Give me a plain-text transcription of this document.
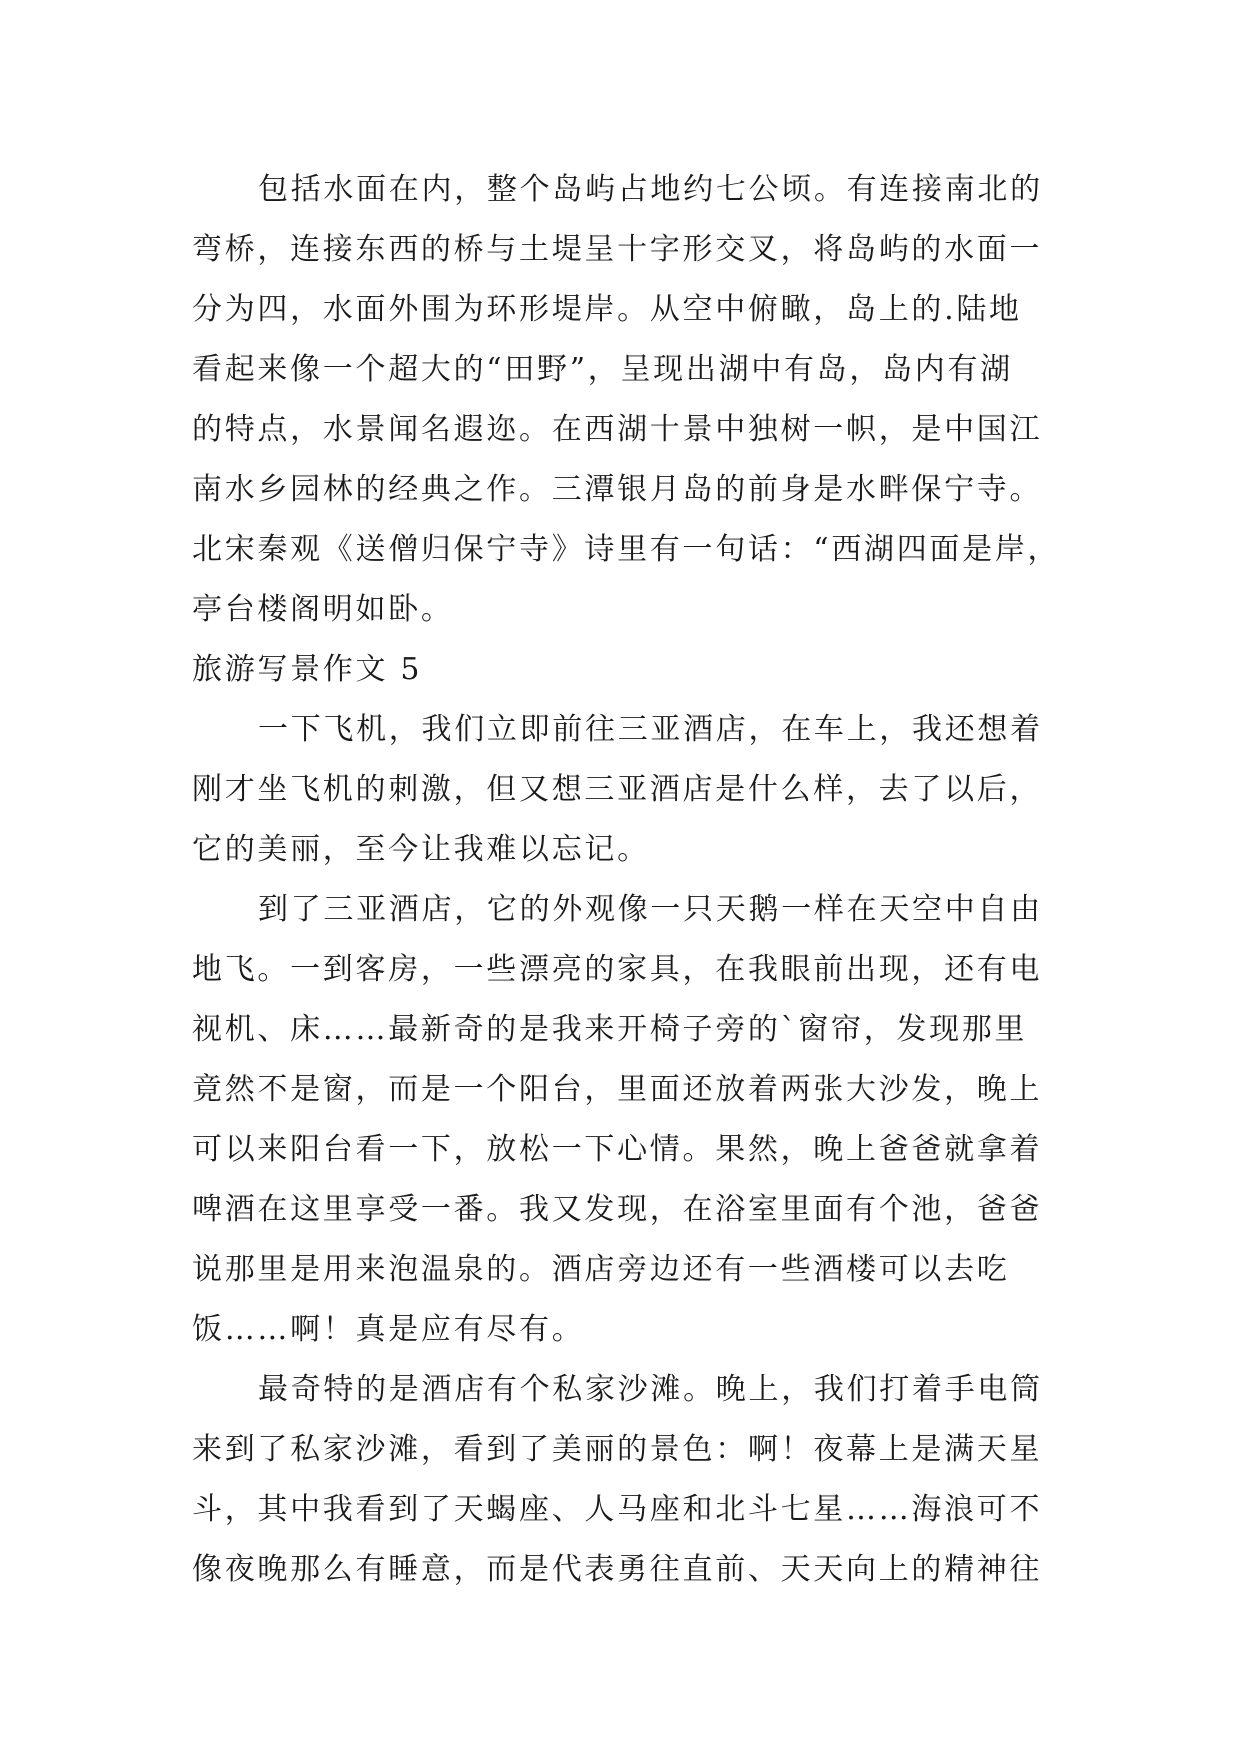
包括水面在内，整个岛屿占地约七公顷。有连接南北的
弯桥，连接东西的桥与土堤呈十字形交叉，将岛屿的水面一
分为四，水面外围为环形堤岸。从空中俯瞰，岛上的.陆地
看起来像一个超大的“田野”，呈现出湖中有岛，岛内有湖
的特点，水景闻名遐迩。在西湖十景中独树一帜，是中国江
南水乡园林的经典之作。三潭银月岛的前身是水畔保宁寺。
北宋秦观《送僧归保宁寺》诗里有一句话：“西湖四面是岸，
亭台楼阁明如卧。
旅游写景作文 5
一下飞机，我们立即前往三亚酒店，在车上，我还想着
刚才坐飞机的刺激，但又想三亚酒店是什么样，去了以后，
它的美丽，至今让我难以忘记。
到了三亚酒店，它的外观像一只天鹅一样在天空中自由
地飞。一到客房，一些漂亮的家具，在我眼前出现，还有电
视机、床……最新奇的是我来开椅子旁的`窗帘，发现那里
竟然不是窗，而是一个阳台，里面还放着两张大沙发，晚上
可以来阳台看一下，放松一下心情。果然，晚上爸爸就拿着
啤酒在这里享受一番。我又发现，在浴室里面有个池，爸爸
说那里是用来泡温泉的。酒店旁边还有一些酒楼可以去吃
饭……啊！真是应有尽有。
最奇特的是酒店有个私家沙滩。晚上，我们打着手电筒
来到了私家沙滩，看到了美丽的景色：啊！夜幕上是满天星
斗，其中我看到了天蝎座、人马座和北斗七星……海浪可不
像夜晚那么有睡意，而是代表勇往直前、天天向上的精神往
